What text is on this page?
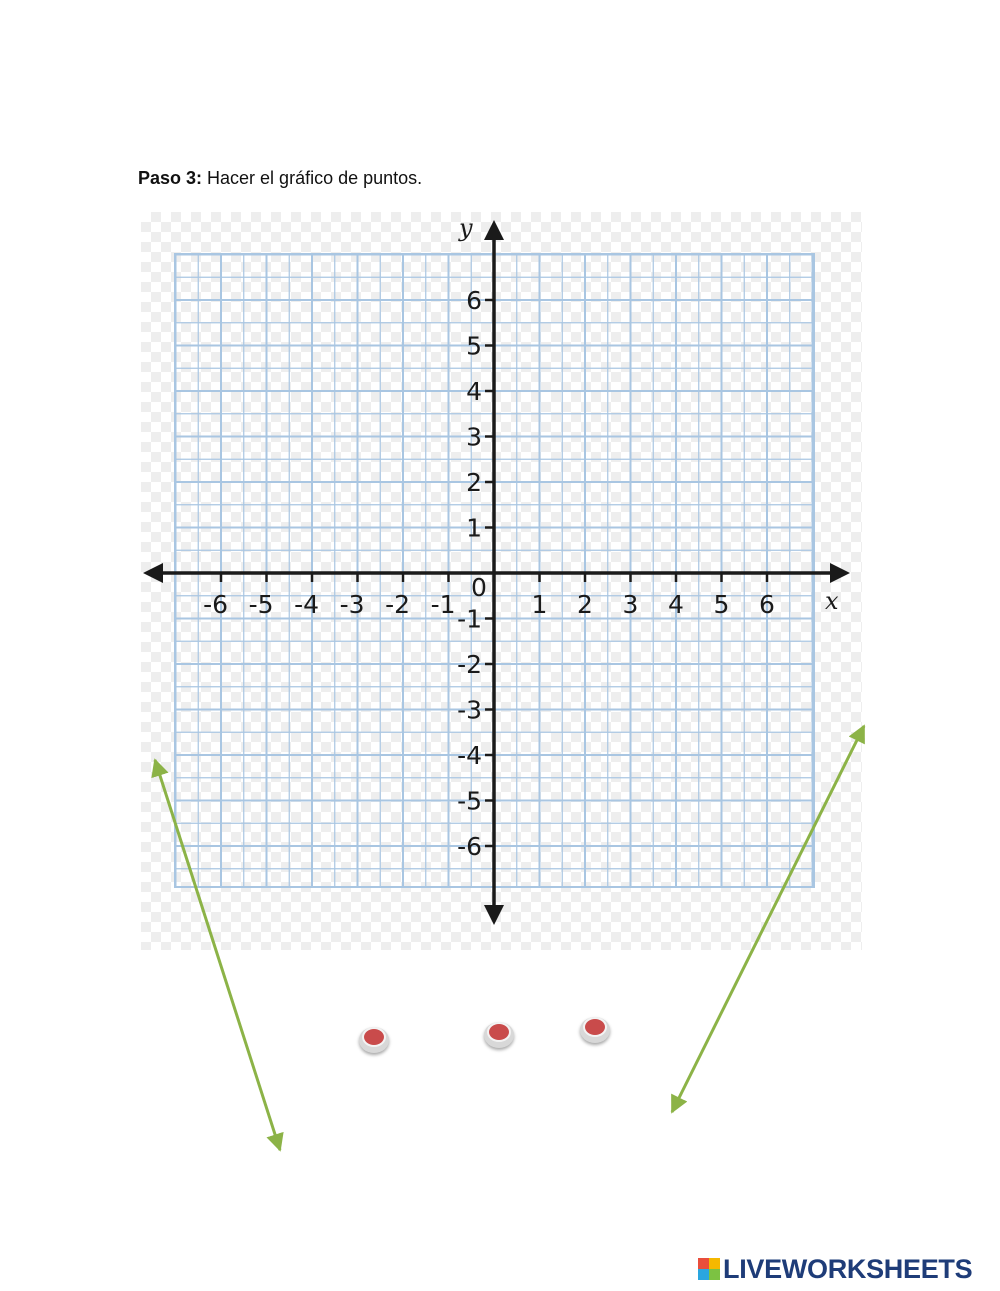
Paso 3: Hacer el gráfico de puntos.
-6 -5 -4 -3 -2 -1	1 2 3 4 5 6
6
5
4
3
2
1
-1
-2
-3
-4
-5
-6
x
y
0
LIVEWORKSHEETS
